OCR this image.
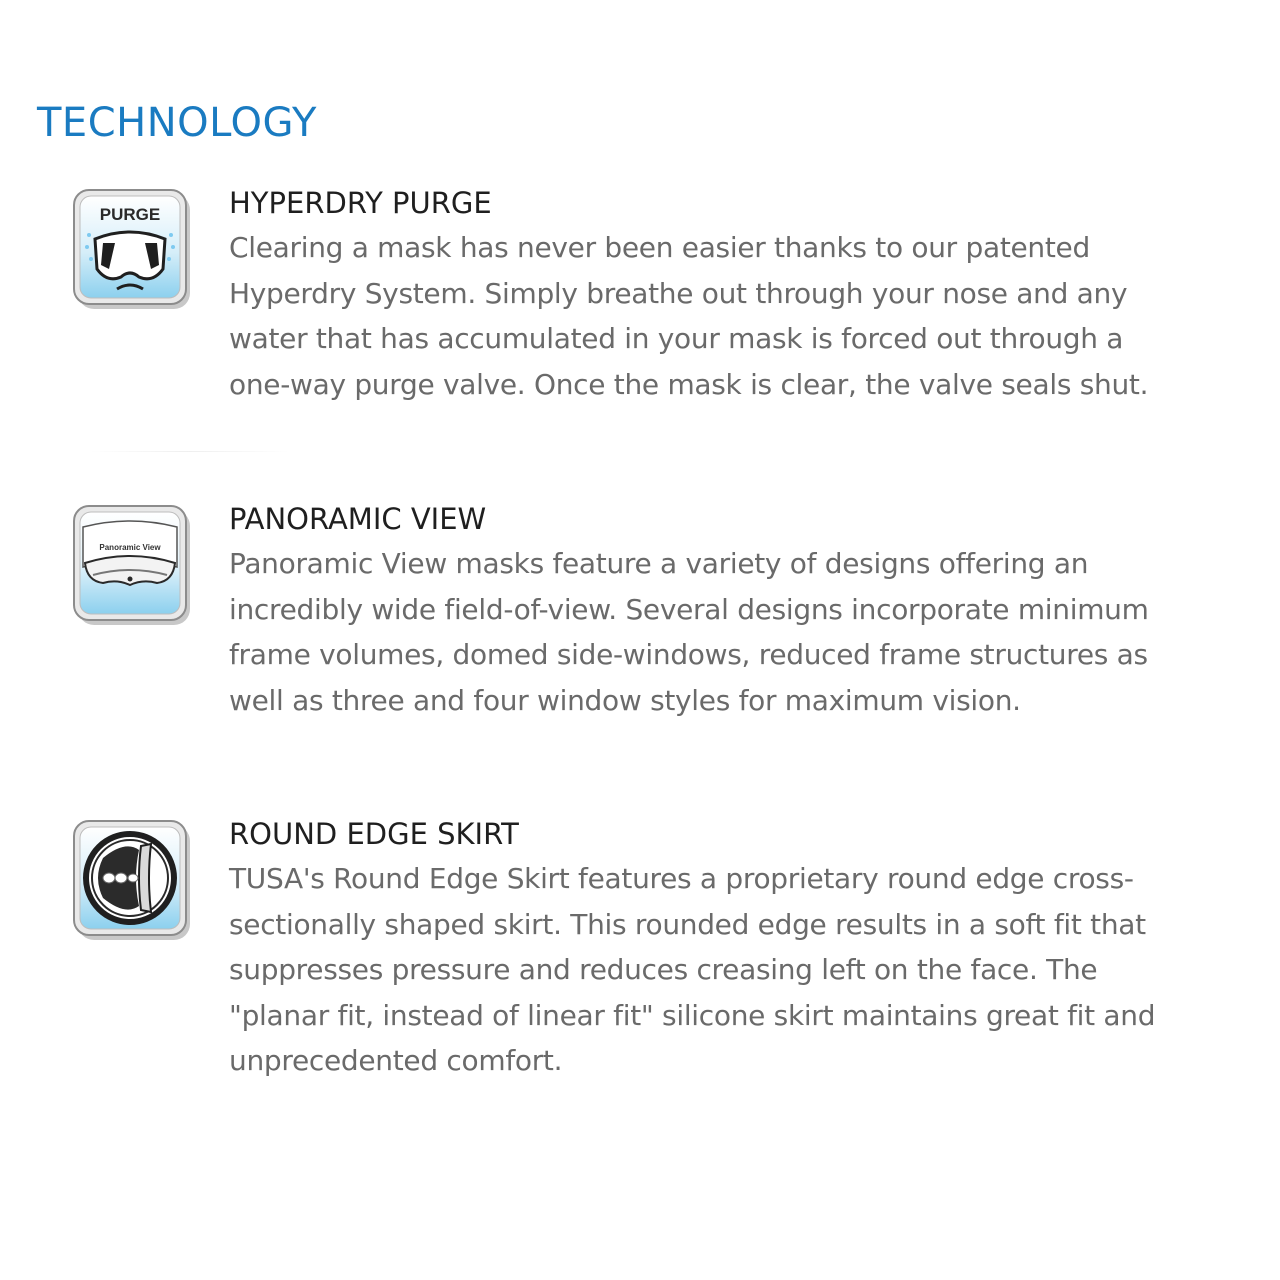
TECHNOLOGY
PURGE HYPERDRY PURGE

Clearing a mask has never been easier thanks to our patented Hyperdry System. Simply breathe out through your nose and any water that has accumulated in your mask is forced out through a one-way purge valve. Once the mask is clear, the valve seals shut.

Panoramic View
PANORAMIC VIEW

Panoramic View masks feature a variety of designs offering an incredibly wide field-of-view. Several designs incorporate minimum frame volumes, domed side-windows, reduced frame structures as well as three and four window styles for maximum vision.

ROUND EDGE SKIRT

TUSA's Round Edge Skirt features a proprietary round edge cross-sectionally shaped skirt. This rounded edge results in a soft fit that suppresses pressure and reduces creasing left on the face. The "planar fit, instead of linear fit" silicone skirt maintains great fit and unprecedented comfort.
